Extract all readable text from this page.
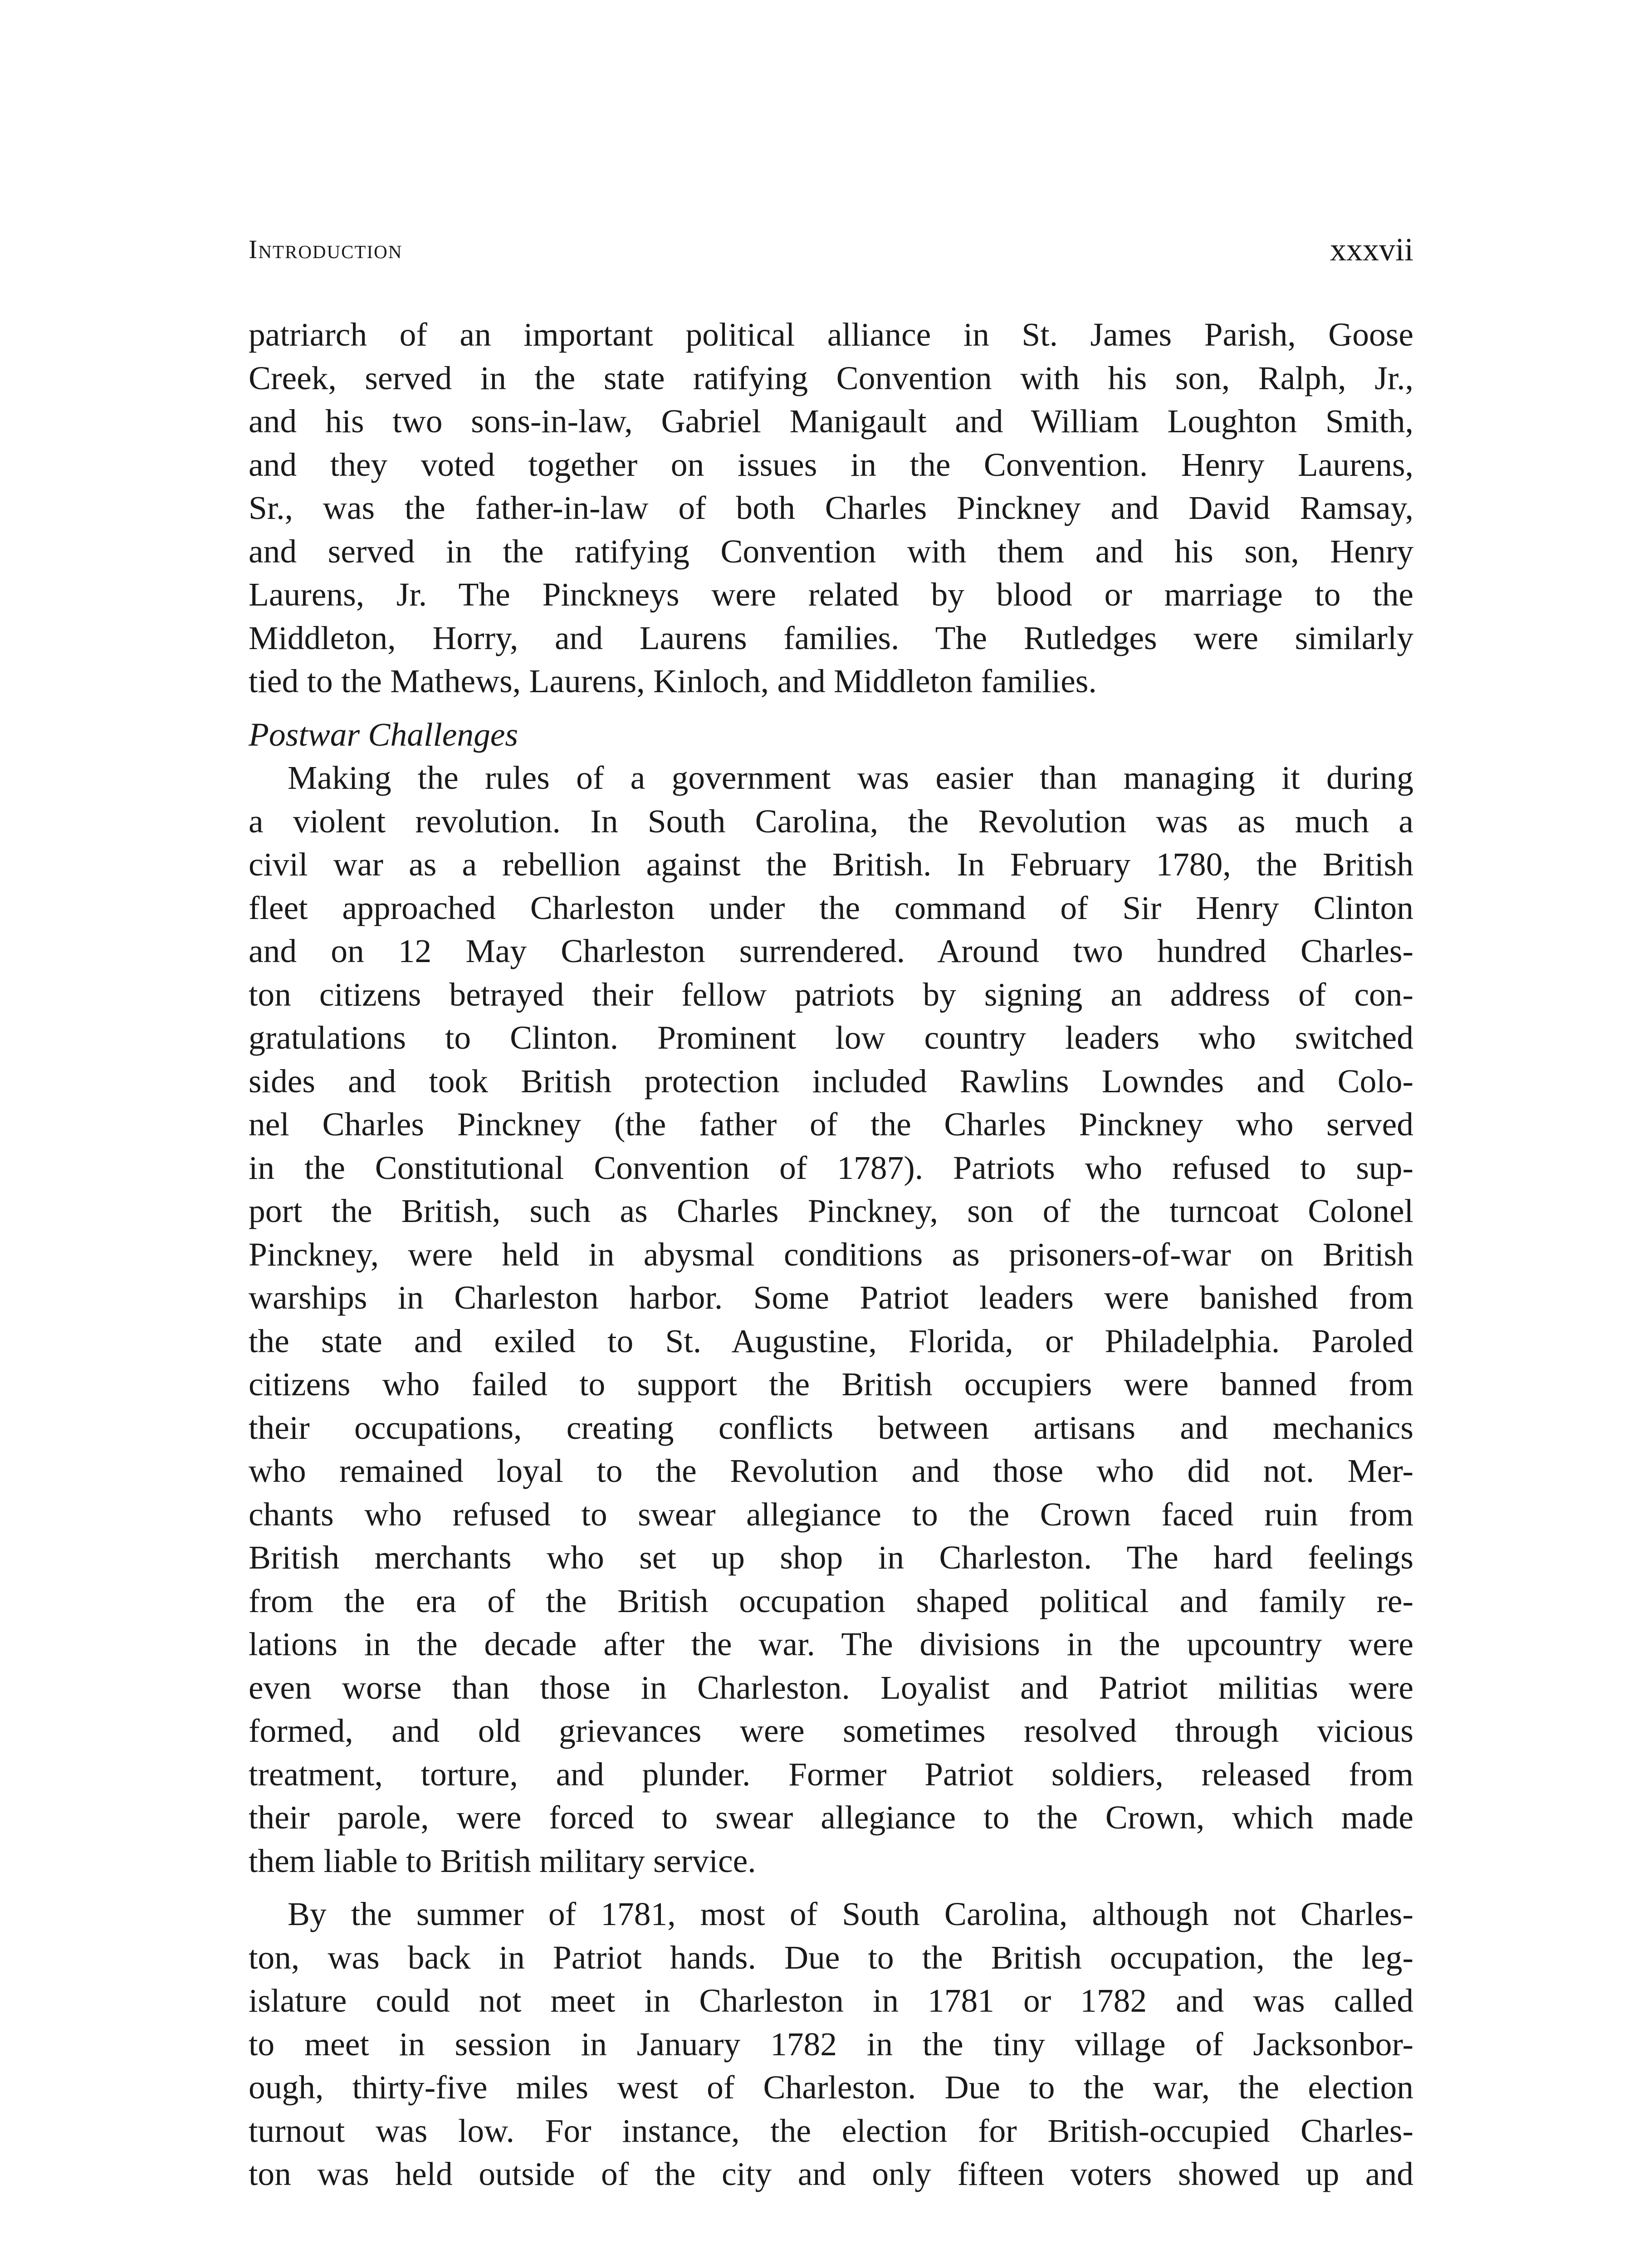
Introduction	xxxvii
patriarch of an important political alliance in St. James Parish, Goose
Creek, served in the state ratifying Convention with his son, Ralph, Jr.,
and his two sons-in-law, Gabriel Manigault and William Loughton Smith,
and they voted together on issues in the Convention. Henry Laurens,
Sr., was the father-in-law of both Charles Pinckney and David Ramsay,
and served in the ratifying Convention with them and his son, Henry
Laurens, Jr. The Pinckneys were related by blood or marriage to the
Middleton, Horry, and Laurens families. The Rutledges were similarly
tied to the Mathews, Laurens, Kinloch, and Middleton families.
Postwar Challenges
Making the rules of a government was easier than managing it during
a violent revolution. In South Carolina, the Revolution was as much a
civil war as a rebellion against the British. In February 1780, the British
fleet approached Charleston under the command of Sir Henry Clinton
and on 12 May Charleston surrendered. Around two hundred Charles-
ton citizens betrayed their fellow patriots by signing an address of con-
gratulations to Clinton. Prominent low country leaders who switched
sides and took British protection included Rawlins Lowndes and Colo-
nel Charles Pinckney (the father of the Charles Pinckney who served
in the Constitutional Convention of 1787). Patriots who refused to sup-
port the British, such as Charles Pinckney, son of the turncoat Colonel
Pinckney, were held in abysmal conditions as prisoners-of-war on British
warships in Charleston harbor. Some Patriot leaders were banished from
the state and exiled to St. Augustine, Florida, or Philadelphia. Paroled
citizens who failed to support the British occupiers were banned from
their occupations, creating conflicts between artisans and mechanics
who remained loyal to the Revolution and those who did not. Mer-
chants who refused to swear allegiance to the Crown faced ruin from
British merchants who set up shop in Charleston. The hard feelings
from the era of the British occupation shaped political and family re-
lations in the decade after the war. The divisions in the upcountry were
even worse than those in Charleston. Loyalist and Patriot militias were
formed, and old grievances were sometimes resolved through vicious
treatment, torture, and plunder. Former Patriot soldiers, released from
their parole, were forced to swear allegiance to the Crown, which made
them liable to British military service.
By the summer of 1781, most of South Carolina, although not Charles-
ton, was back in Patriot hands. Due to the British occupation, the leg-
islature could not meet in Charleston in 1781 or 1782 and was called
to meet in session in January 1782 in the tiny village of Jacksonbor-
ough, thirty-five miles west of Charleston. Due to the war, the election
turnout was low. For instance, the election for British-occupied Charles-
ton was held outside of the city and only fifteen voters showed up and
